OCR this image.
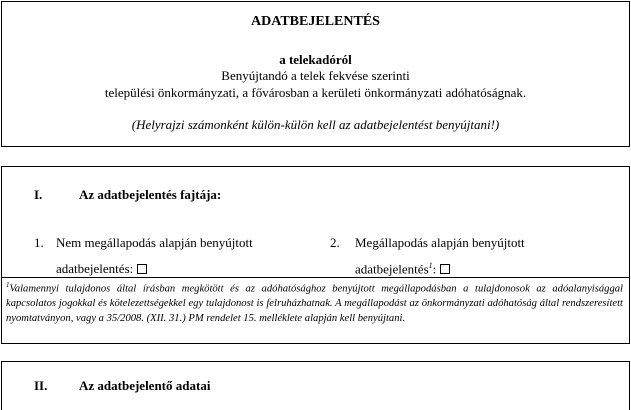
ADATBEJELENTÉS
a telekadóról
Benyújtandó a telek fekvése szerinti
települési önkormányzati, a fővárosban a kerületi önkormányzati adóhatóságnak.
(Helyrajzi számonként külön-külön kell az adatbejelentést benyújtani!)
I.	Az adatbejelentés fajtája:
1. Nem megállapodás alapján benyújtott
adatbejelentés:
2. Megállapodás alapján benyújtott
adatbejelentés$^1$:
$^1$Valamennyi tulajdonos által írásban megkötött és az adóhatósághoz benyújtott megállapodásban a tulajdonosok az adóalanyisággal kapcsolatos jogokkal és kötelezettségekkel egy tulajdonost is felruházhatnak. A megállapodást az önkormányzati adóhatóság által rendszeresített nyomtatványon, vagy a 35/2008. (XII. 31.) PM rendelet 15. melléklete alapján kell benyújtani.
II. Az adatbejelentő adatai
